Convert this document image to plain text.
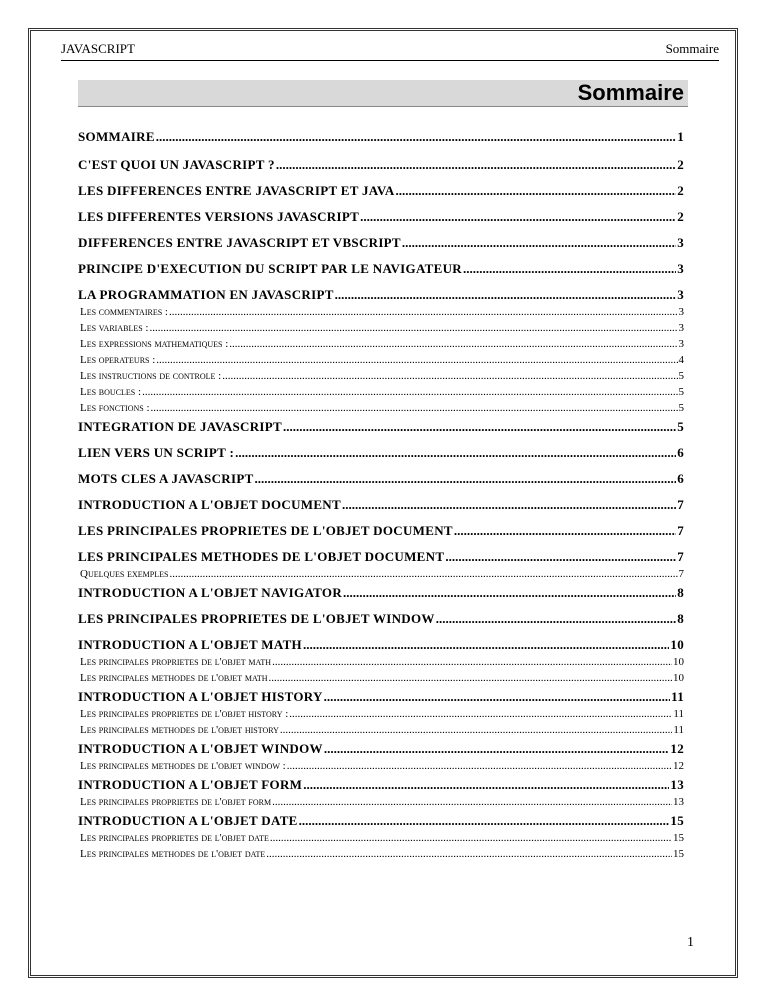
JAVASCRIPT	Sommaire
Sommaire
SOMMAIRE .....	1
C'EST QUOI UN JAVASCRIPT ? .....	2
LES DIFFERENCES ENTRE JAVASCRIPT ET JAVA .....	2
LES DIFFERENTES VERSIONS JAVASCRIPT .....	2
DIFFERENCES ENTRE JAVASCRIPT ET VBSCRIPT .....	3
PRINCIPE D'EXECUTION DU SCRIPT PAR LE NAVIGATEUR .....	3
LA PROGRAMMATION EN JAVASCRIPT .....	3
Les commentaires : .....	3
Les variables : .....	3
Les expressions mathematiques : .....	3
Les operateurs : .....	4
Les instructions de controle : .....	5
Les boucles : .....	5
Les fonctions : .....	5
INTEGRATION DE JAVASCRIPT .....	5
LIEN VERS UN SCRIPT : .....	6
MOTS CLES A JAVASCRIPT .....	6
INTRODUCTION A L'OBJET DOCUMENT .....	7
LES PRINCIPALES PROPRIETES DE L'OBJET DOCUMENT .....	7
LES PRINCIPALES METHODES DE L'OBJET DOCUMENT .....	7
Quelques exemples .....	7
INTRODUCTION A L'OBJET NAVIGATOR .....	8
LES PRINCIPALES PROPRIETES DE L'OBJET WINDOW .....	8
INTRODUCTION A L'OBJET MATH .....	10
Les principales proprietes de l'objet math .....	10
Les principales methodes de l'objet math .....	10
INTRODUCTION A L'OBJET HISTORY .....	11
Les principales proprietes de l'objet history : .....	11
Les principales methodes de l'objet history .....	11
INTRODUCTION A L'OBJET WINDOW .....	12
Les principales methodes de l'objet window : .....	12
INTRODUCTION A L'OBJET FORM .....	13
Les principales proprietes de l'objet form .....	13
INTRODUCTION A L'OBJET DATE .....	15
Les principales proprietes de l'objet date .....	15
Les principales methodes de l'objet date .....	15
1
